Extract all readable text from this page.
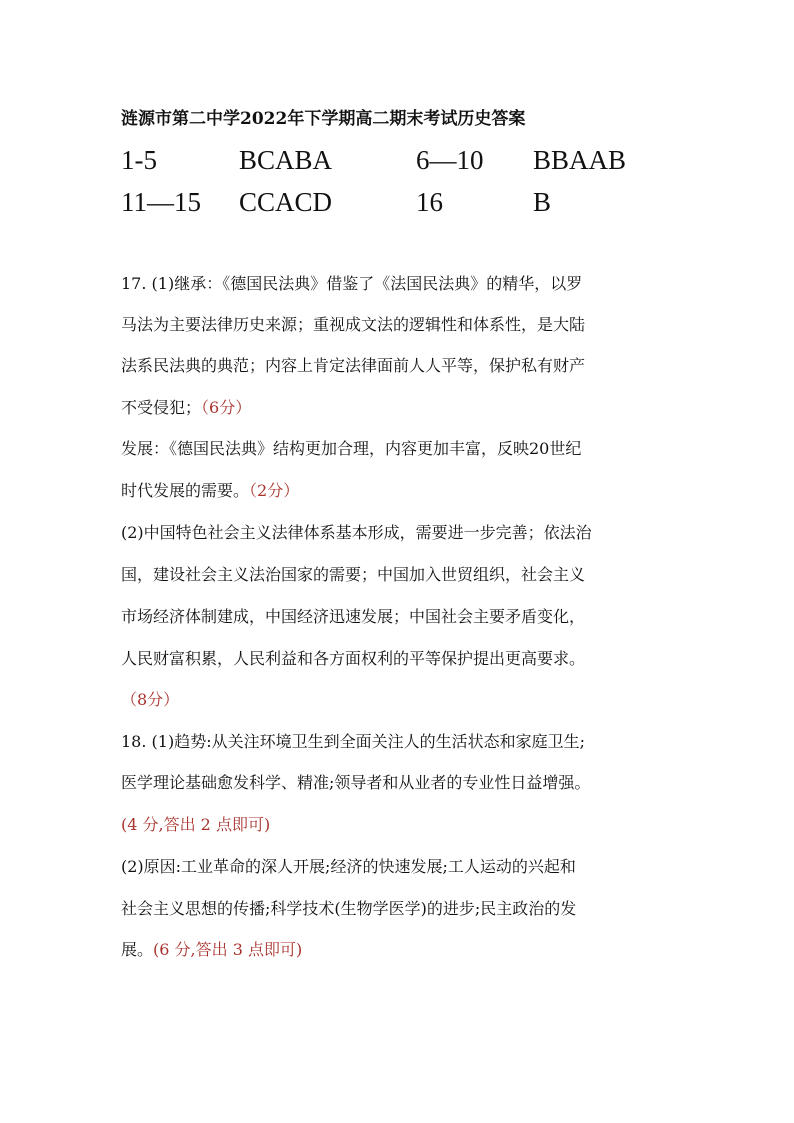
涟源市第二中学2022年下学期高二期末考试历史答案
1-5	BCABA	6—10 BBAAB
11—15 CCACD	16	B
17. (1)继承：《德国民法典》借鉴了《法国民法典》的精华，以罗
马法为主要法律历史来源；重视成文法的逻辑性和体系性，是大陆
法系民法典的典范；内容上肯定法律面前人人平等，保护私有财产
不受侵犯；（6分）
发展：《德国民法典》结构更加合理，内容更加丰富，反映20世纪
时代发展的需要。（2分）
(2)中国特色社会主义法律体系基本形成，需要进一步完善；依法治
国，建设社会主义法治国家的需要；中国加入世贸组织，社会主义
市场经济体制建成，中国经济迅速发展；中国社会主要矛盾变化，
人民财富积累，人民利益和各方面权利的平等保护提出更高要求。
（8分）
18. (1)趋势:从关注环境卫生到全面关注人的生活状态和家庭卫生;
医学理论基础愈发科学、精准;领导者和从业者的专业性日益增强。
(4 分,答出 2 点即可)
(2)原因:工业革命的深人开展;经济的快速发展;工人运动的兴起和
社会主义思想的传播;科学技术(生物学医学)的进步;民主政治的发
展。(6 分,答出 3 点即可)
